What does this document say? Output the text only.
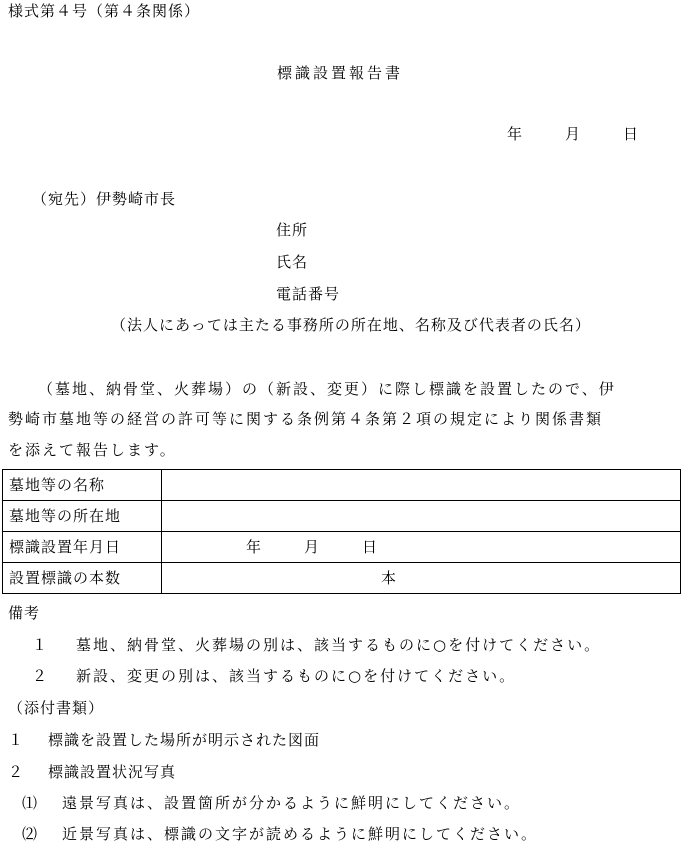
様式第４号（第４条関係）
標識設置報告書
年	月	日
（宛先）伊勢崎市長
住所
氏名
電話番号
（法人にあっては主たる事務所の所在地、名称及び代表者の氏名）
（墓地、納骨堂、火葬場）の（新設、変更）に際し標識を設置したので、伊
勢崎市墓地等の経営の許可等に関する条例第４条第２項の規定により関係書類
を添えて報告します。
墓地等の名称	
墓地等の所在地	
標識設置年月日	年 月 日
設置標識の本数	本
備考
１ 墓地、納骨堂、火葬場の別は、該当するものに○を付けてください。
２ 新設、変更の別は、該当するものに○を付けてください。
（添付書類）
１ 標識を設置した場所が明示された図面
２ 標識設置状況写真
⑴ 遠景写真は、設置箇所が分かるように鮮明にしてください。
⑵ 近景写真は、標識の文字が読めるように鮮明にしてください。
